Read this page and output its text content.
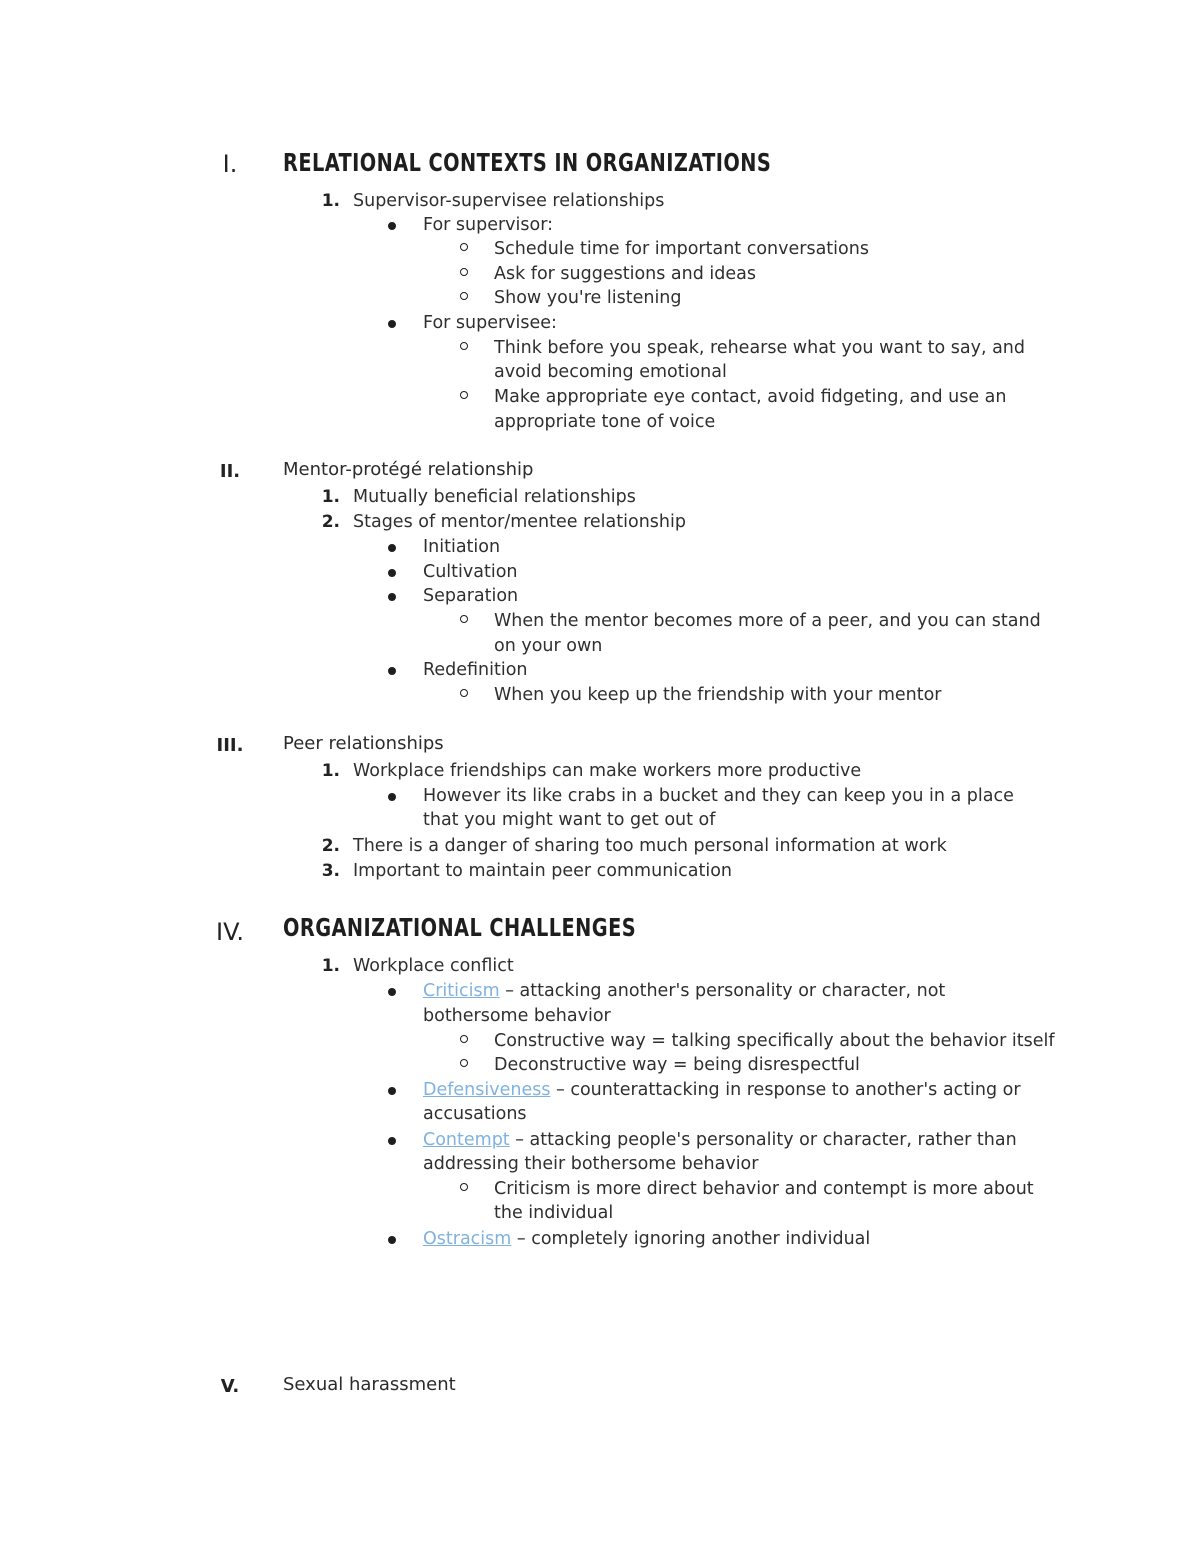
I.	RELATIONAL CONTEXTS IN ORGANIZATIONS
1. Supervisor-supervisee relationships
For supervisor:
Schedule time for important conversations
Ask for suggestions and ideas
Show you're listening
For supervisee:
Think before you speak, rehearse what you want to say, and
avoid becoming emotional
Make appropriate eye contact, avoid fidgeting, and use an
appropriate tone of voice
II.	Mentor-protégé relationship
1. Mutually beneficial relationships
2. Stages of mentor/mentee relationship
Initiation
Cultivation
Separation
When the mentor becomes more of a peer, and you can stand
on your own
Redefinition
When you keep up the friendship with your mentor
III.	Peer relationships
1. Workplace friendships can make workers more productive
However its like crabs in a bucket and they can keep you in a place
that you might want to get out of
2. There is a danger of sharing too much personal information at work
3. Important to maintain peer communication
IV.	ORGANIZATIONAL CHALLENGES
1. Workplace conflict
Criticism – attacking another's personality or character, not
bothersome behavior
Constructive way = talking specifically about the behavior itself
Deconstructive way = being disrespectful
Defensiveness – counterattacking in response to another's acting or
accusations
Contempt – attacking people's personality or character, rather than
addressing their bothersome behavior
Criticism is more direct behavior and contempt is more about
the individual
Ostracism – completely ignoring another individual
V.	Sexual harassment
